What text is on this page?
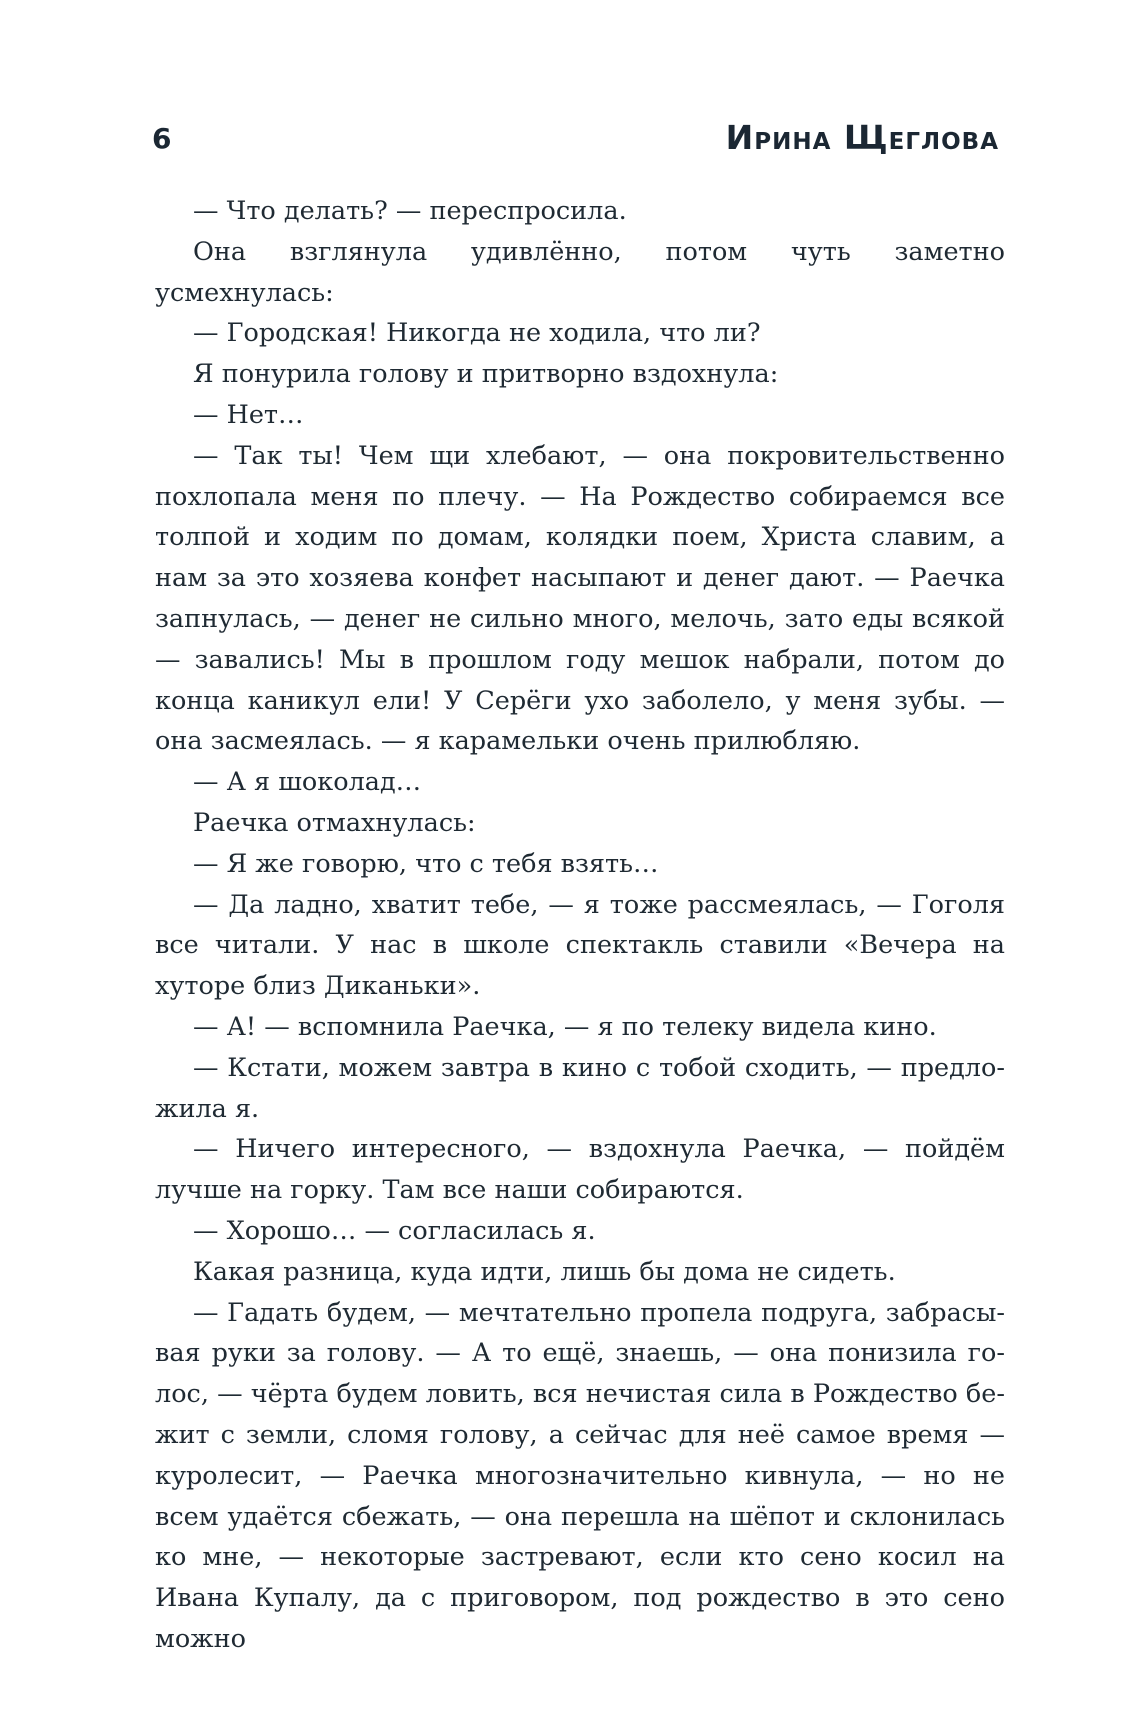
6	Ирина Щеглова

— Что делать? — переспросила.

Она взглянула удивлённо, потом чуть заметно усмехнулась:

— Городская! Никогда не ходила, что ли?

Я понурила голову и притворно вздохнула:

— Нет…

— Так ты! Чем щи хлебают, — она покровительственно похлопала меня по плечу. — На Рождество собираемся все толпой и ходим по домам, колядки поем, Христа славим, а нам за это хозяева конфет насыпают и денег дают. — Раечка запнулась, — денег не сильно много, мелочь, зато еды всякой — завались! Мы в прошлом году мешок набрали, потом до конца каникул ели! У Серёги ухо заболело, у меня зубы. — она засмеялась. — я карамельки очень прилюбляю.

— А я шоколад…

Раечка отмахнулась:

— Я же говорю, что с тебя взять…

— Да ладно, хватит тебе, — я тоже рассмеялась, — Гоголя все читали. У нас в школе спектакль ставили «Вечера на хуторе близ Диканьки».

— А! — вспомнила Раечка, — я по телеку видела кино.

— Кстати, можем завтра в кино с тобой сходить, — предложила я.

— Ничего интересного, — вздохнула Раечка, — пойдём лучше на горку. Там все наши собираются.

— Хорошо… — согласилась я.

Какая разница, куда идти, лишь бы дома не сидеть.

— Гадать будем, — мечтательно пропела подруга, забрасывая руки за голову. — А то ещё, знаешь, — она понизила голос, — чёрта будем ловить, вся нечистая сила в Рождество бежит с земли, сломя голову, а сейчас для неё самое время — куролесит, — Раечка многозначительно кивнула, — но не всем удаётся сбежать, — она перешла на шёпот и склонилась ко мне, — некоторые застревают, если кто сено косил на Ивана Купалу, да с приговором, под рождество в это сено можно
